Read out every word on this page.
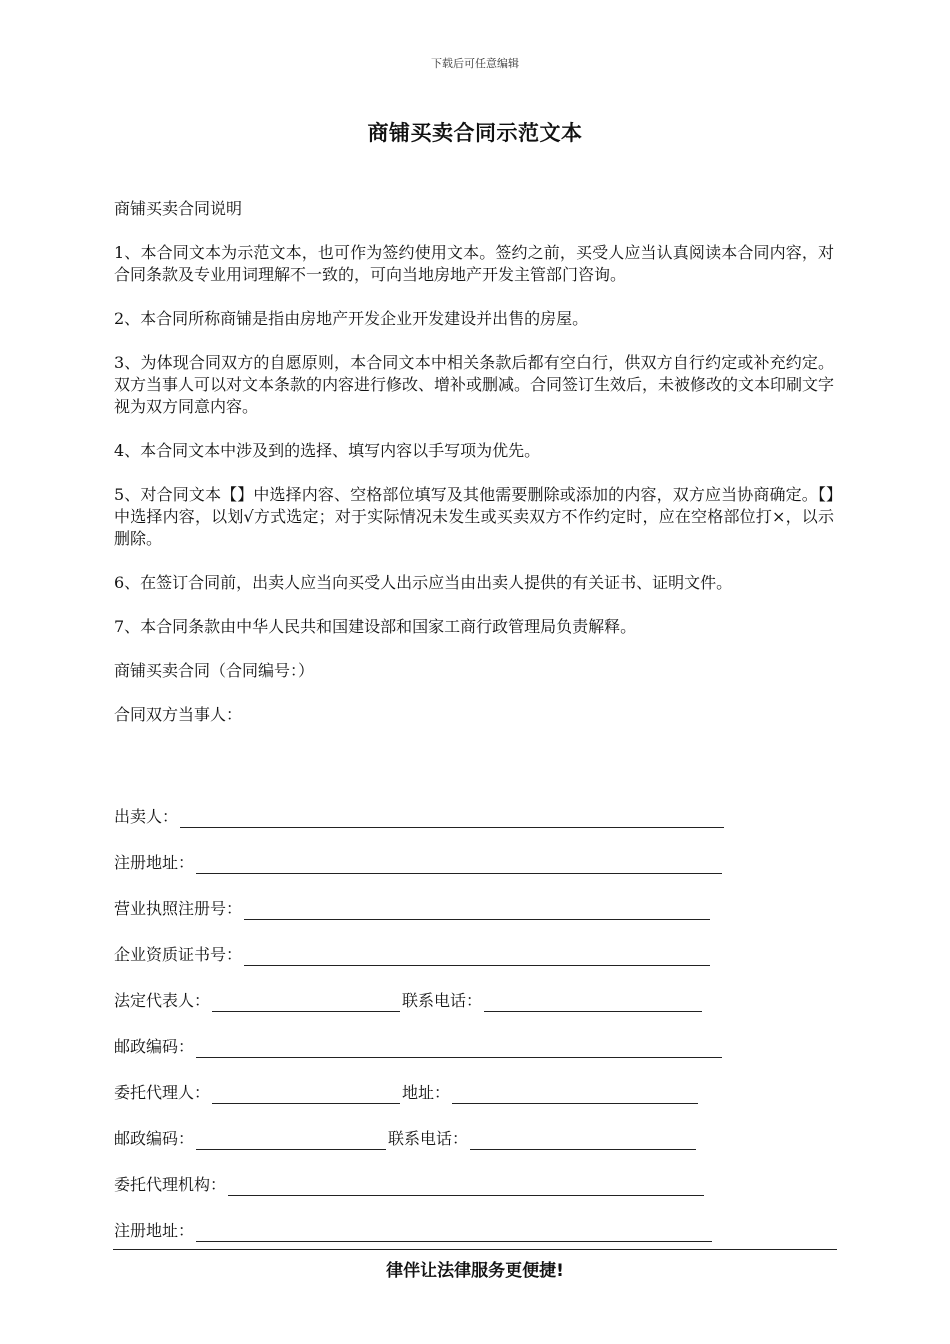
下载后可任意编辑
商铺买卖合同示范文本

商铺买卖合同说明

1、本合同文本为示范文本，也可作为签约使用文本。签约之前，买受人应当认真阅读本合同内容，对合同条款及专业用词理解不一致的，可向当地房地产开发主管部门咨询。

2、本合同所称商铺是指由房地产开发企业开发建设并出售的房屋。

3、为体现合同双方的自愿原则，本合同文本中相关条款后都有空白行，供双方自行约定或补充约定。双方当事人可以对文本条款的内容进行修改、增补或删减。合同签订生效后，未被修改的文本印刷文字视为双方同意内容。

4、本合同文本中涉及到的选择、填写内容以手写项为优先。

5、对合同文本【】中选择内容、空格部位填写及其他需要删除或添加的内容，双方应当协商确定。【】中选择内容，以划√方式选定；对于实际情况未发生或买卖双方不作约定时，应在空格部位打×，以示删除。

6、在签订合同前，出卖人应当向买受人出示应当由出卖人提供的有关证书、证明文件。

7、本合同条款由中华人民共和国建设部和国家工商行政管理局负责解释。

商铺买卖合同（合同编号：）

合同双方当事人：

出卖人：
注册地址：
营业执照注册号：
企业资质证书号：
法定代表人：	联系电话：
邮政编码：
委托代理人：	地址：
邮政编码：	联系电话：
委托代理机构：
注册地址：
律伴让法律服务更便捷!
